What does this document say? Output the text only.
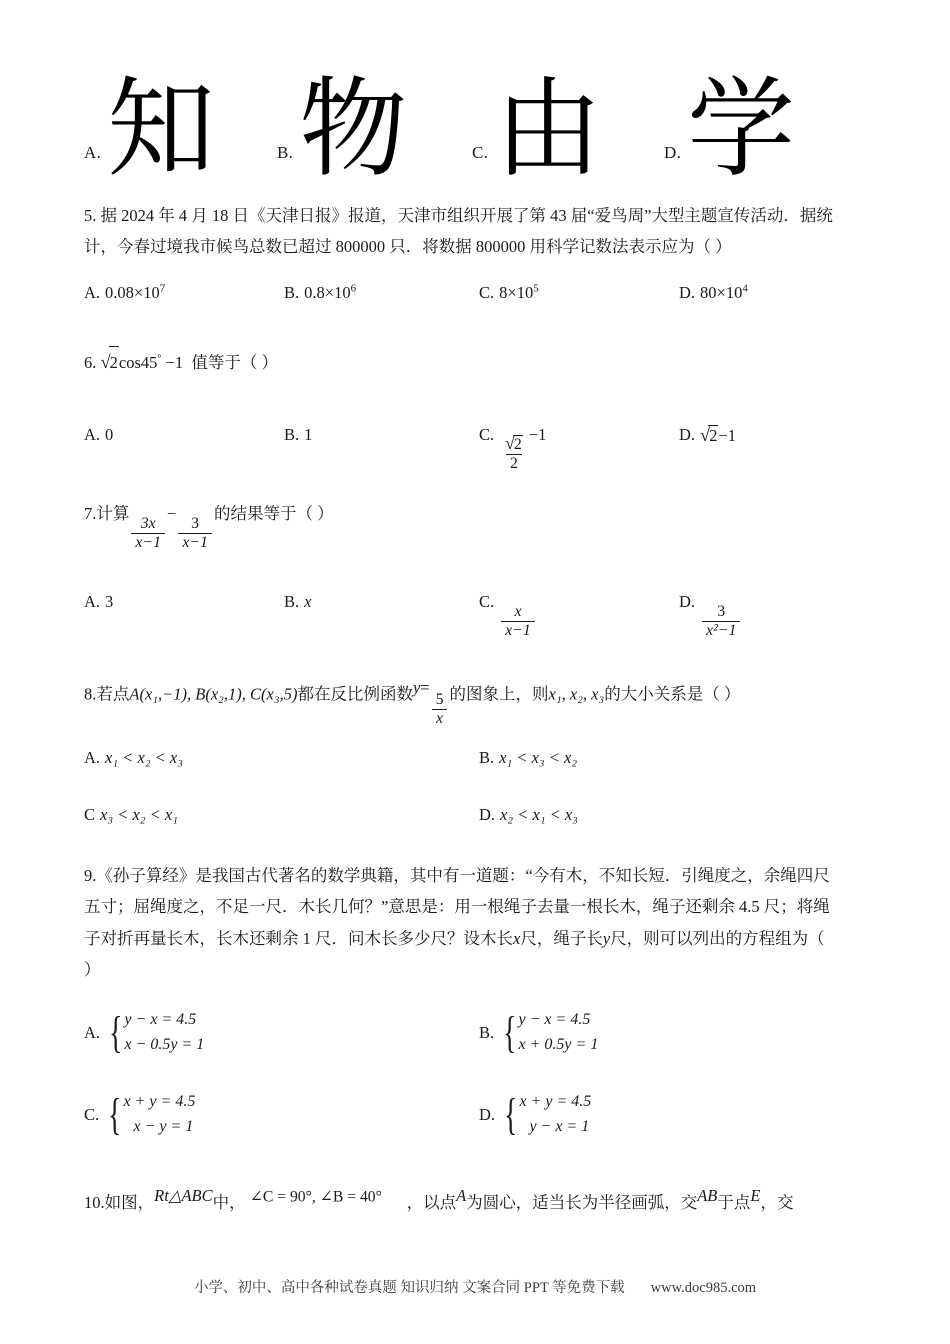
A. 知	B. 物	C. 由	D. 学
5. 据 2024 年 4 月 18 日《天津日报》报道，天津市组织开展了第 43 届“爱鸟周”大型主题宣传活动．据统
计，今春过境我市候鸟总数已超过 800000 只．将数据 800000 用科学记数法表示应为（ ）
A. $0.08\times 10^7$	B. $0.8\times 10^6$	C. $8\times 10^5$	D. $80\times 10^4$
6. √2cos45° −1 值等于（ ）
A. 0	B. 1	C. $\frac{√2}{2} -1$	D. √2−1
7.计算
$\frac{3x}{x-1}$
−
$\frac{3}{x-1}$
的结果等于（ ）
A. 3	B. x	C.
$\frac{x}{x-1}$
D.
$\frac{3}{\text{x²−1}}$
8.若点A(x₁,−1), B(x₂,1), C(x₃,5)都在反比例函数y=
$\frac{5}{x}$ 的图象上，则x₁, x₂, x₃的大小关系是（ ）
A. x₁ < x₂ < x₃	B. x₁ < x₃ < x₂
C x₃ < x₂ < x₁	D. x₂ < x₁ < x₃
9.《孙子算经》是我国古代著名的数学典籍，其中有一道题：“今有木，不知长短．引绳度之，余绳四尺
五寸；屈绳度之，不足一尺．木长几何？”意思是：用一根绳子去量一根长木，绳子还剩余 4.5 尺；将绳
子对折再量长木，长木还剩余 1 尺．问木长多少尺？设木长x尺，绳子长y尺，则可以列出的方程组为（
）
A. { y − x = 4.5
x − 0.5y = 1
B. { y − x = 4.5
x + 0.5y = 1
C. { x + y = 4.5
x − y = 1
D. { x + y = 4.5
y − x = 1
10.如图，Rt△ABC中， ∠C = 90°, ∠B = 40° ，以点A为圆心，适当长为半径画弧，交AB于点E，交
小学、初中、高中各种试卷真题 知识归纳 文案合同 PPT 等免费下载 www.doc985.com
